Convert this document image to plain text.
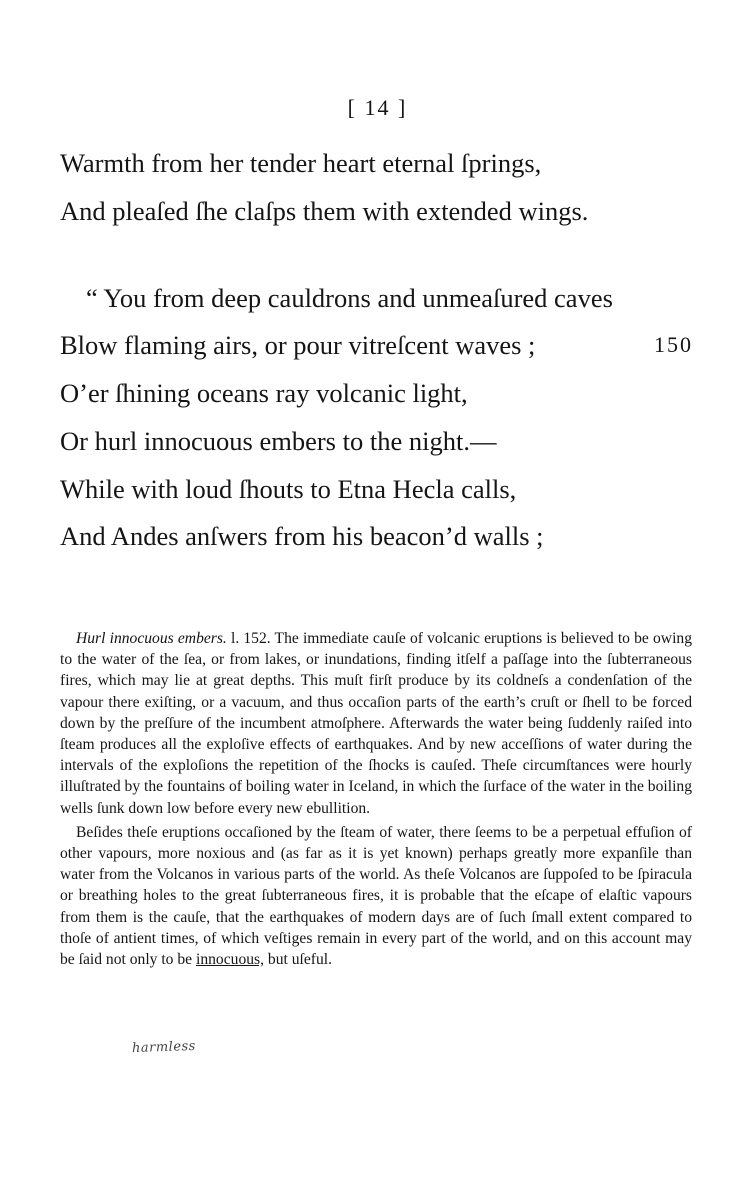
[ 14 ]
Warmth from her tender heart eternal ſprings,
And pleaſed ſhe claſps them with extended wings.
“ You from deep cauldrons and unmeaſured caves
Blow flaming airs, or pour vitreſcent waves ;	150
O’er ſhining oceans ray volcanic light,
Or hurl innocuous embers to the night.—
While with loud ſhouts to Etna Hecla calls,
And Andes anſwers from his beacon’d walls ;

Hurl innocuous embers. l. 152. The immediate cauſe of volcanic eruptions is believed to be owing to the water of the ſea, or from lakes, or inundations, finding itſelf a paſſage into the ſubterraneous fires, which may lie at great depths. This muſt firſt produce by its coldneſs a condenſation of the vapour there exiſting, or a vacuum, and thus occaſion parts of the earth’s cruſt or ſhell to be forced down by the preſſure of the incumbent atmoſphere. Afterwards the water being ſuddenly raiſed into ſteam produces all the exploſive effects of earthquakes. And by new acceſſions of water during the intervals of the exploſions the repetition of the ſhocks is cauſed. Theſe circumſtances were hourly illuſtrated by the fountains of boiling water in Iceland, in which the ſurface of the water in the boiling wells ſunk down low before every new ebullition.

Beſides theſe eruptions occaſioned by the ſteam of water, there ſeems to be a perpetual effuſion of other vapours, more noxious and (as far as it is yet known) perhaps greatly more expanſile than water from the Volcanos in various parts of the world. As theſe Volcanos are ſuppoſed to be ſpiracula or breathing holes to the great ſubterraneous fires, it is probable that the eſcape of elaſtic vapours from them is the cauſe, that the earthquakes of modern days are of ſuch ſmall extent compared to thoſe of antient times, of which veſtiges remain in every part of the world, and on this account may be ſaid not only to be innocuous, but uſeful.

harmless
